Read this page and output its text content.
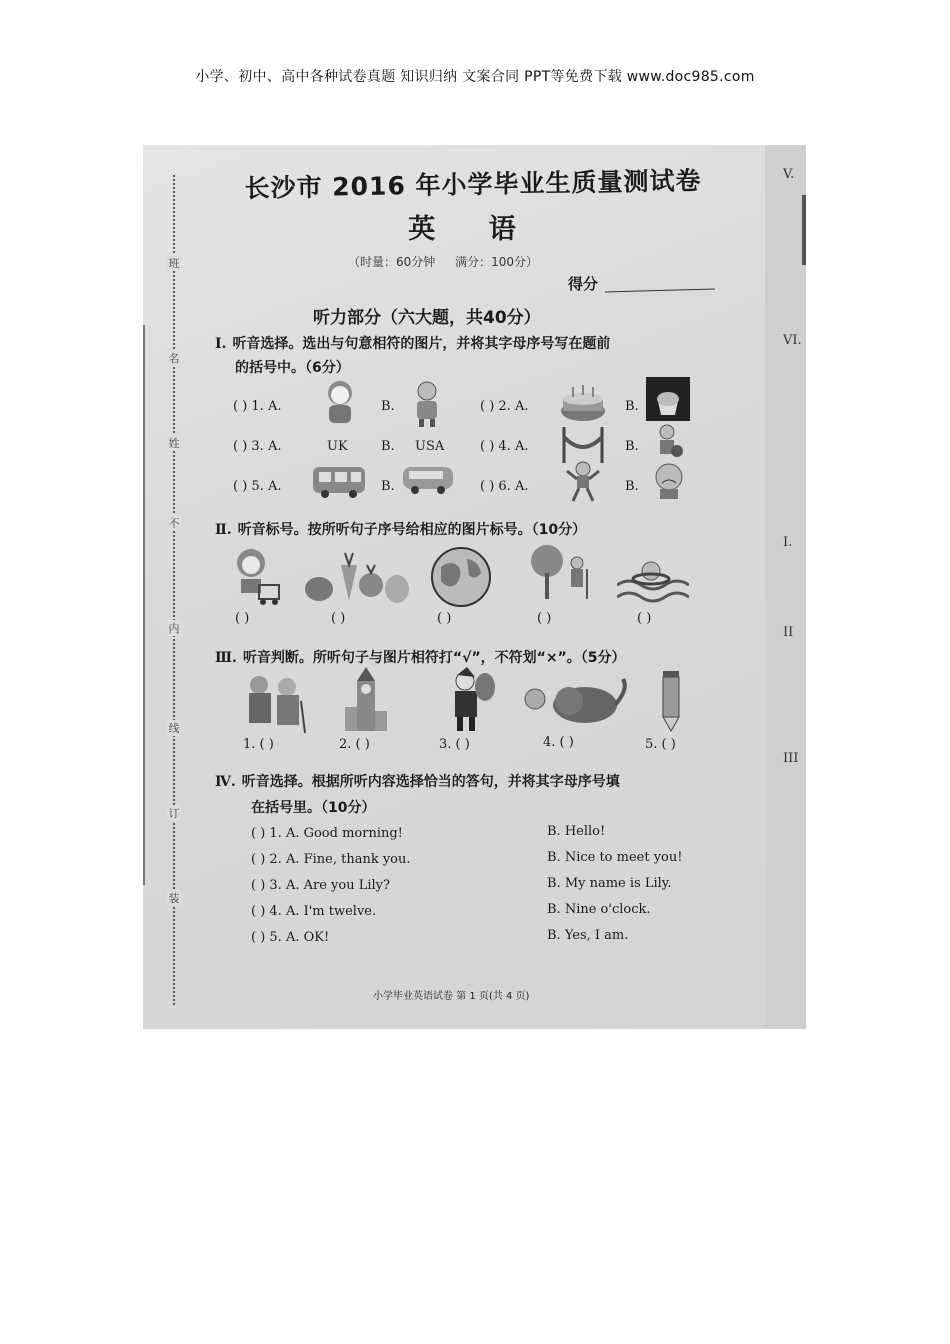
小学、初中、高中各种试卷真题 知识归纳 文案合同 PPT等免费下载 www.doc985.com
班
名
姓
不
内
线
订
装
长沙市 2016 年小学毕业生质量测试卷
英 语
（时量：60分钟 满分：100分）
得分
听力部分（六大题，共40分）
Ⅰ. 听音选择。选出与句意相符的图片，并将其字母序号写在题前
的括号中。（6分）
( ) 1. A.	B.	( ) 2. A.	B.
( ) 3. A.	UK	B. USA	( ) 4. A.	B.
( ) 5. A.	B.	( ) 6. A.	B.
Ⅱ. 听音标号。按所听句子序号给相应的图片标号。（10分）
( )	( )	( )	( )	( )
Ⅲ. 听音判断。所听句子与图片相符打“√”，不符划“×”。（5分）
1. ( )	2. ( )	3. ( )	4. ( )	5. ( )
Ⅳ. 听音选择。根据所听内容选择恰当的答句，并将其字母序号填
在括号里。（10分）
( ) 1. A. Good morning!	B. Hello!
( ) 2. A. Fine, thank you.	B. Nice to meet you!
( ) 3. A. Are you Lily?	B. My name is Lily.
( ) 4. A. I'm twelve.	B. Nine o'clock.
( ) 5. A. OK!	B. Yes, I am.
小学毕业英语试卷 第 1 页(共 4 页)
V.
VI.
I.
II
III
